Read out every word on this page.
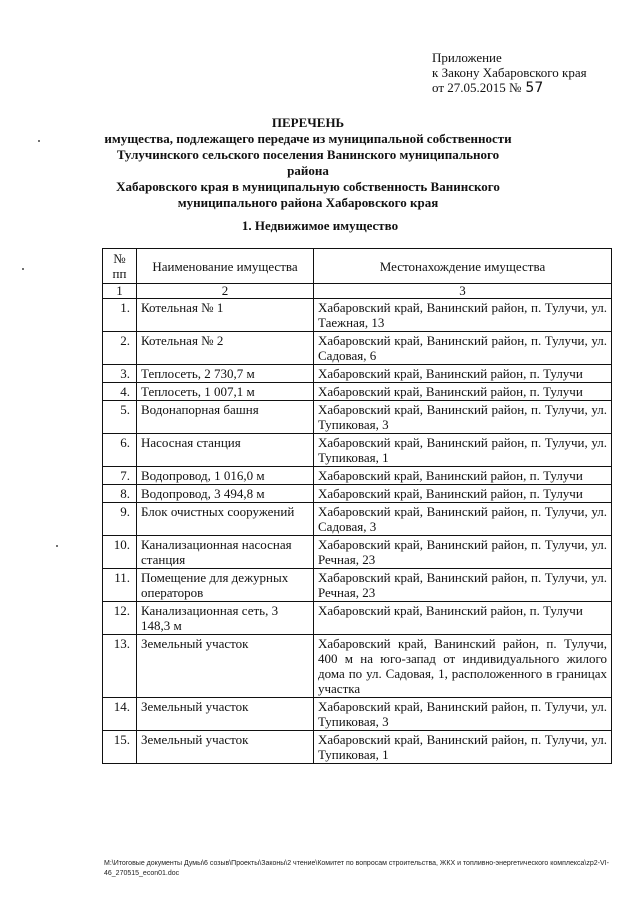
Приложение
к Закону Хабаровского края
от 27.05.2015 № 57
ПЕРЕЧЕНЬ
имущества, подлежащего передаче из муниципальной собственности
Тулучинского сельского поселения Ванинского муниципального района
Хабаровского края в муниципальную собственность Ванинского
муниципального района Хабаровского края
1. Недвижимое имущество
№
пп	Наименование имущества	Местонахождение имущества
1	2	3
1.	Котельная № 1	Хабаровский край, Ванинский район, п. Тулучи, ул. Таежная, 13
2.	Котельная № 2	Хабаровский край, Ванинский район, п. Тулучи, ул. Садовая, 6
3.	Теплосеть, 2 730,7 м	Хабаровский край, Ванинский район, п. Тулучи
4.	Теплосеть, 1 007,1 м	Хабаровский край, Ванинский район, п. Тулучи
5.	Водонапорная башня	Хабаровский край, Ванинский район, п. Тулучи, ул. Тупиковая, 3
6.	Насосная станция	Хабаровский край, Ванинский район, п. Тулучи, ул. Тупиковая, 1
7.	Водопровод, 1 016,0 м	Хабаровский край, Ванинский район, п. Тулучи
8.	Водопровод, 3 494,8 м	Хабаровский край, Ванинский район, п. Тулучи
9.	Блок очистных сооружений	Хабаровский край, Ванинский район, п. Тулучи, ул. Садовая, 3
10.	Канализационная насосная станция	Хабаровский край, Ванинский район, п. Тулучи, ул. Речная, 23
11.	Помещение для дежурных операторов	Хабаровский край, Ванинский район, п. Тулучи, ул. Речная, 23
12.	Канализационная сеть, 3 148,3 м	Хабаровский край, Ванинский район, п. Тулучи
13.	Земельный участок	Хабаровский край, Ванинский район, п. Тулучи, 400 м на юго-запад от индивидуального жилого дома по ул. Садовая, 1, расположенного в границах участка
14.	Земельный участок	Хабаровский край, Ванинский район, п. Тулучи, ул. Тупиковая, 3
15.	Земельный участок	Хабаровский край, Ванинский район, п. Тулучи, ул. Тупиковая, 1
М:\Итоговые документы Думы\6 созыв\Проекты\Законы\2 чтение\Комитет по вопросам строительства, ЖКХ и топливно-энергетического комплекса\zp2-VI-46_270515_econ01.doc
